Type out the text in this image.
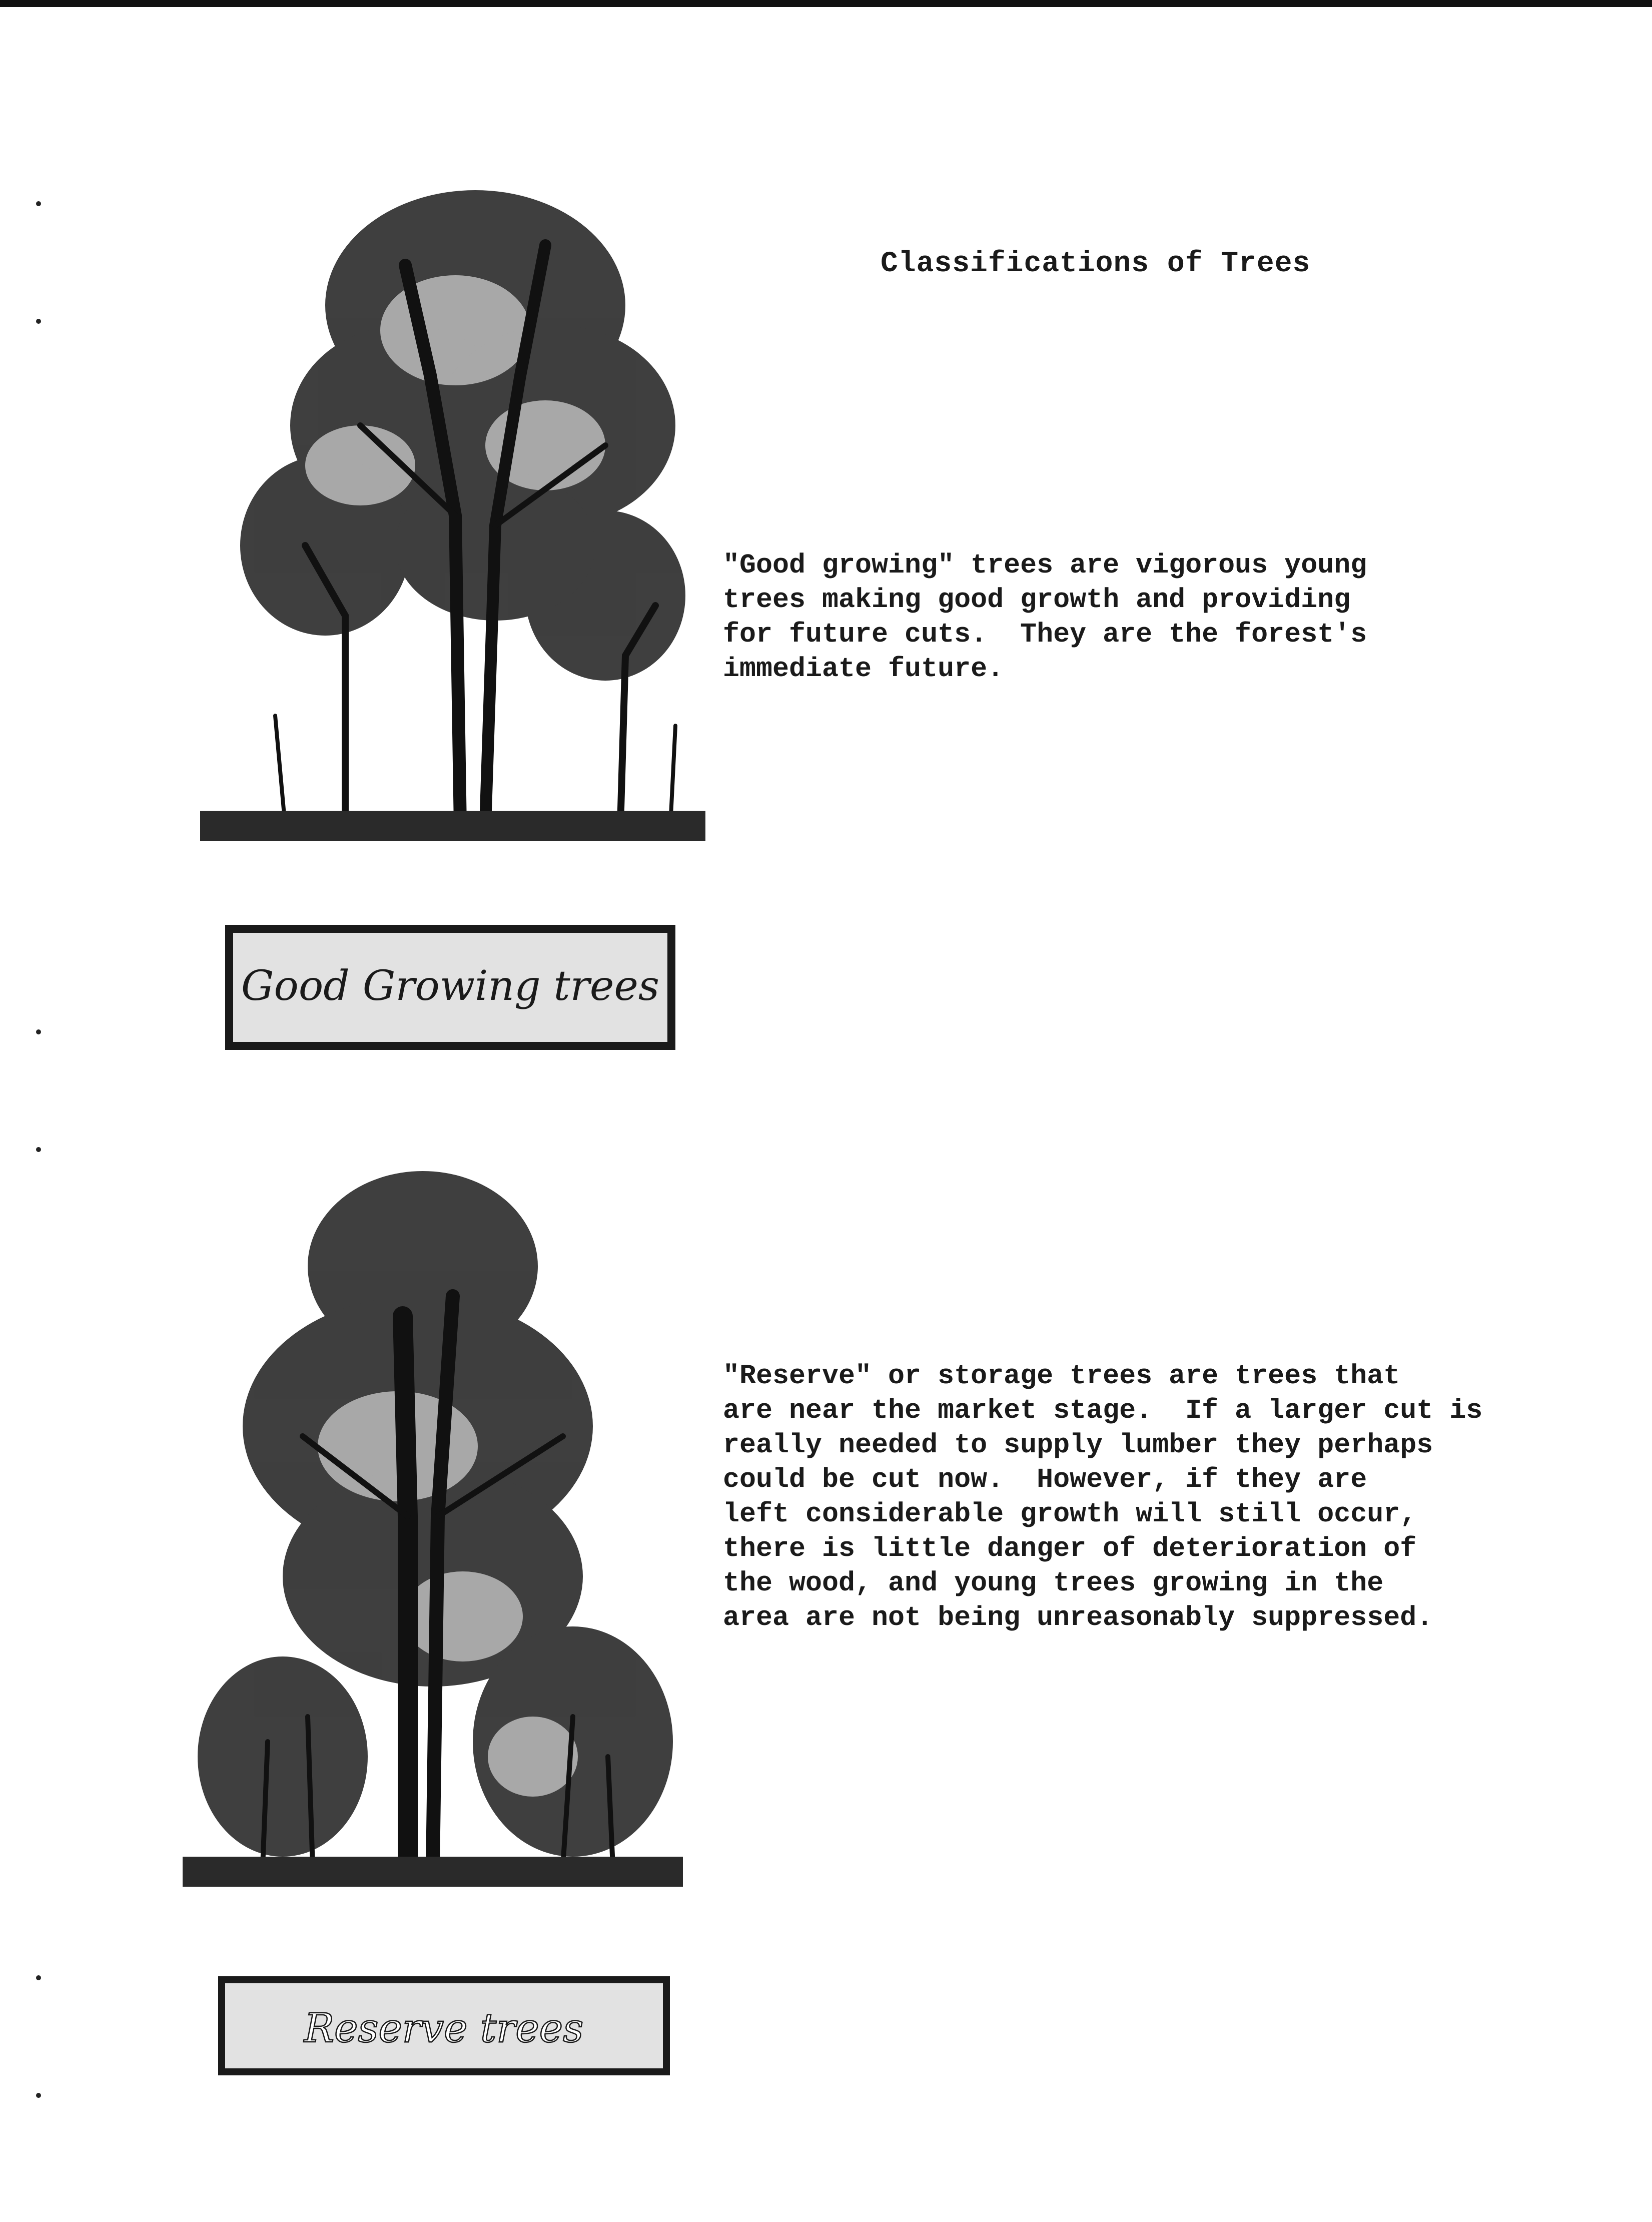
Classifications of Trees
Good Growing trees

"Good growing" trees are vigorous young
trees making good growth and providing
for future cuts.  They are the forest's
immediate future.

Reserve trees

"Reserve" or storage trees are trees that
are near the market stage.  If a larger cut is
really needed to supply lumber they perhaps
could be cut now.  However, if they are
left considerable growth will still occur,
there is little danger of deterioration of
the wood, and young trees growing in the
area are not being unreasonably suppressed.
